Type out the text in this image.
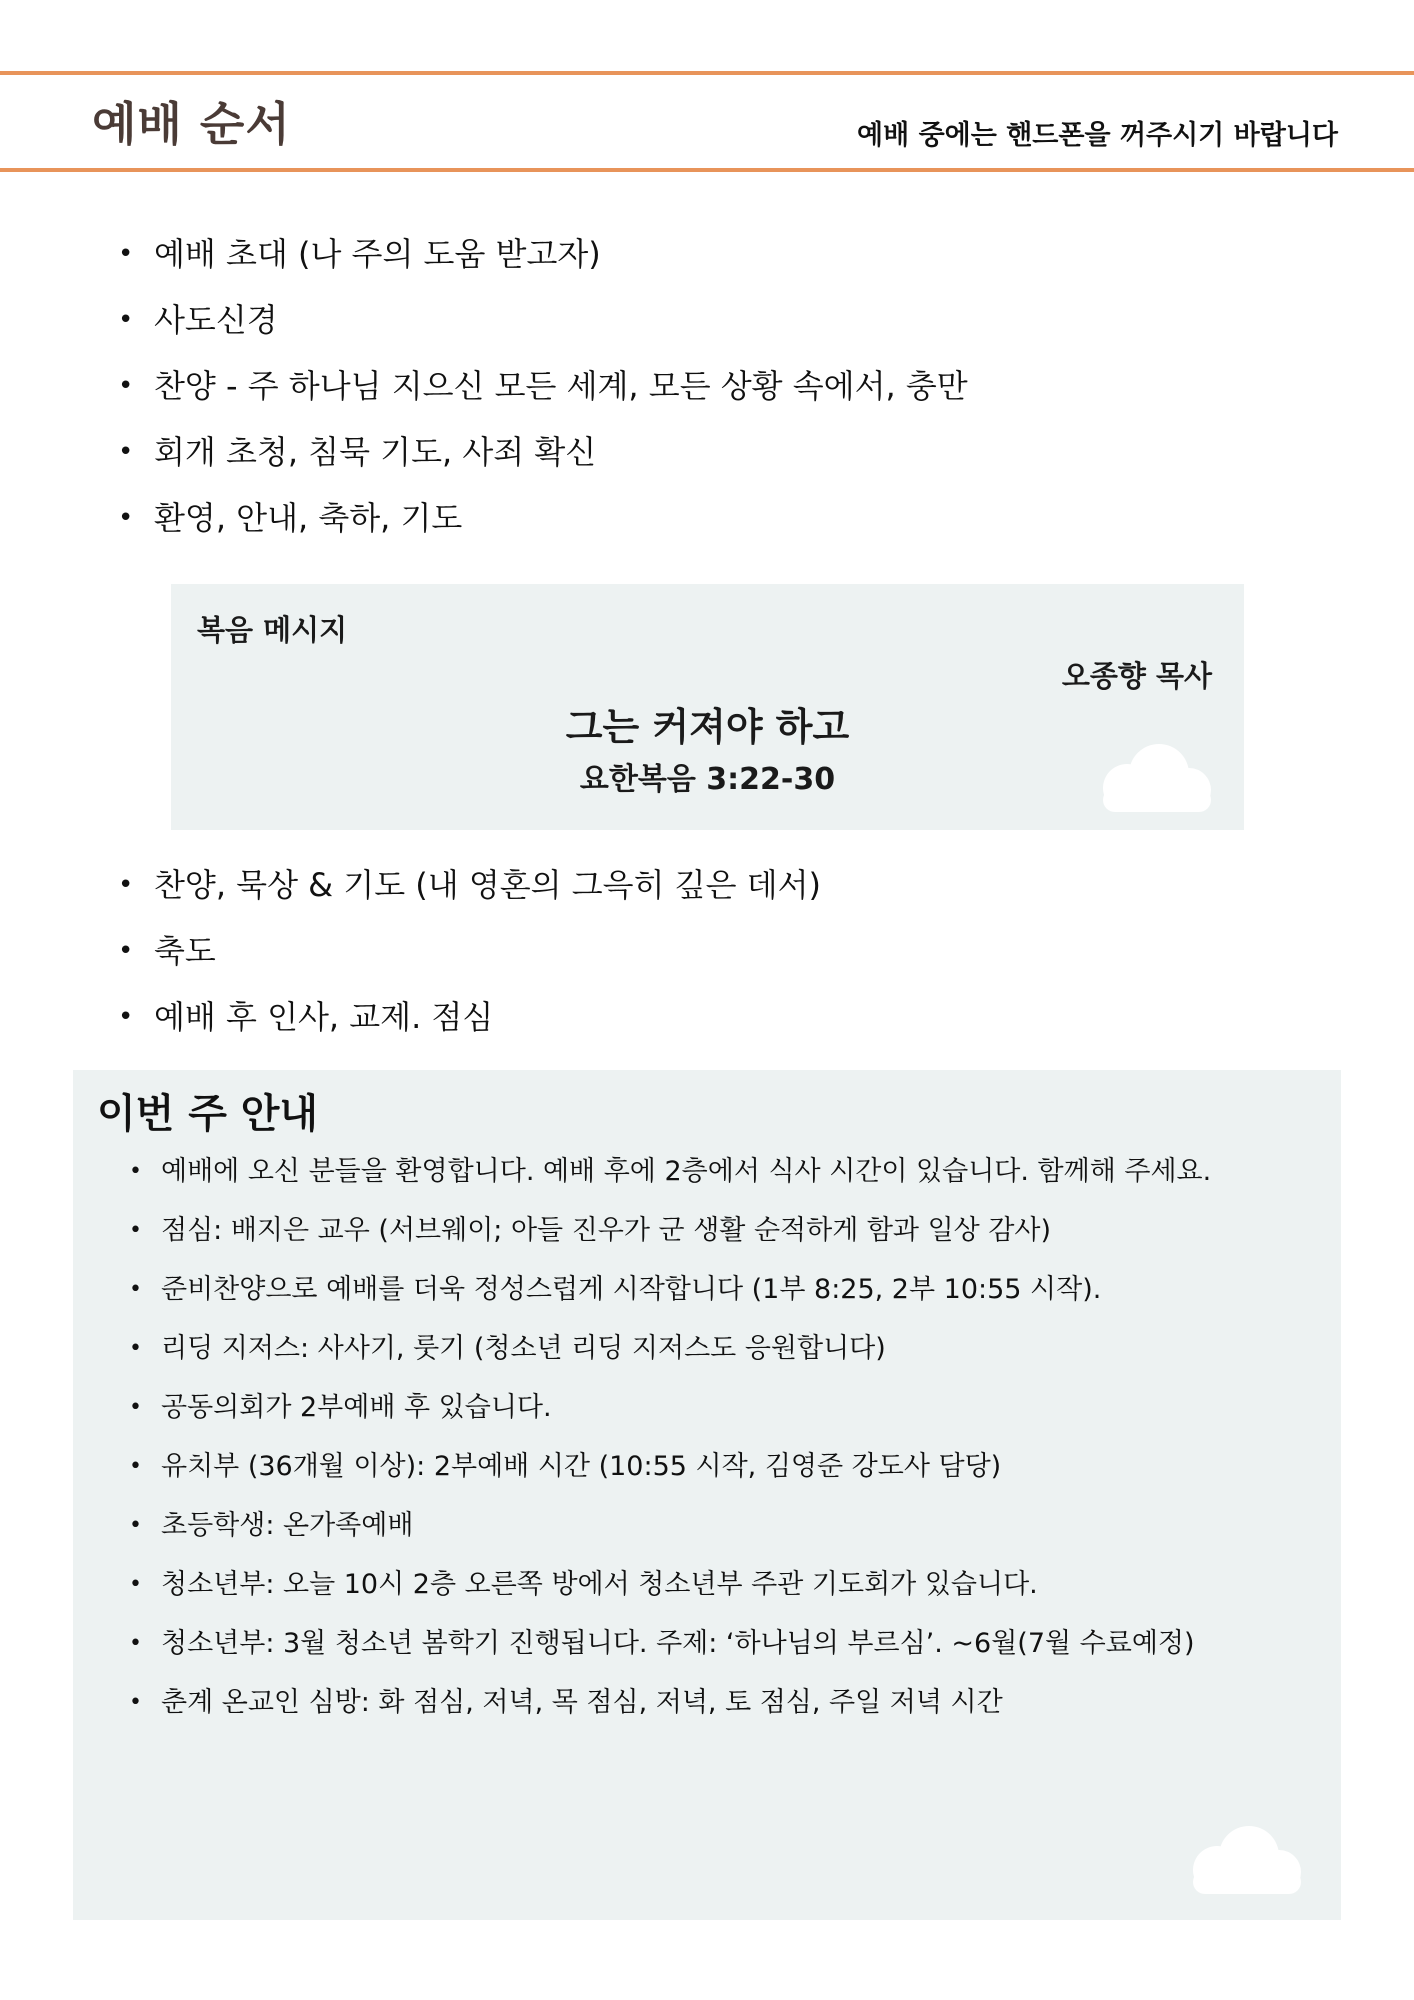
예배 순서	예배 중에는 핸드폰을 꺼주시기 바랍니다
• 예배 초대 (나 주의 도움 받고자)
• 사도신경
• 찬양 - 주 하나님 지으신 모든 세계, 모든 상황 속에서, 충만
• 회개 초청, 침묵 기도, 사죄 확신
• 환영, 안내, 축하, 기도
복음 메시지
오종향 목사
그는 커져야 하고
요한복음 3:22-30
• 찬양, 묵상 & 기도 (내 영혼의 그윽히 깊은 데서)
• 축도
• 예배 후 인사, 교제. 점심
이번 주 안내
• 예배에 오신 분들을 환영합니다. 예배 후에 2층에서 식사 시간이 있습니다. 함께해 주세요.
• 점심: 배지은 교우 (서브웨이; 아들 진우가 군 생활 순적하게 함과 일상 감사)
• 준비찬양으로 예배를 더욱 정성스럽게 시작합니다 (1부 8:25, 2부 10:55 시작).
• 리딩 지저스: 사사기, 룻기 (청소년 리딩 지저스도 응원합니다)
• 공동의회가 2부예배 후 있습니다.
• 유치부 (36개월 이상): 2부예배 시간 (10:55 시작, 김영준 강도사 담당)
• 초등학생: 온가족예배
• 청소년부: 오늘 10시 2층 오른쪽 방에서 청소년부 주관 기도회가 있습니다.
• 청소년부: 3월 청소년 봄학기 진행됩니다. 주제: ‘하나님의 부르심’. ~6월(7월 수료예정)
• 춘계 온교인 심방: 화 점심, 저녁, 목 점심, 저녁, 토 점심, 주일 저녁 시간
